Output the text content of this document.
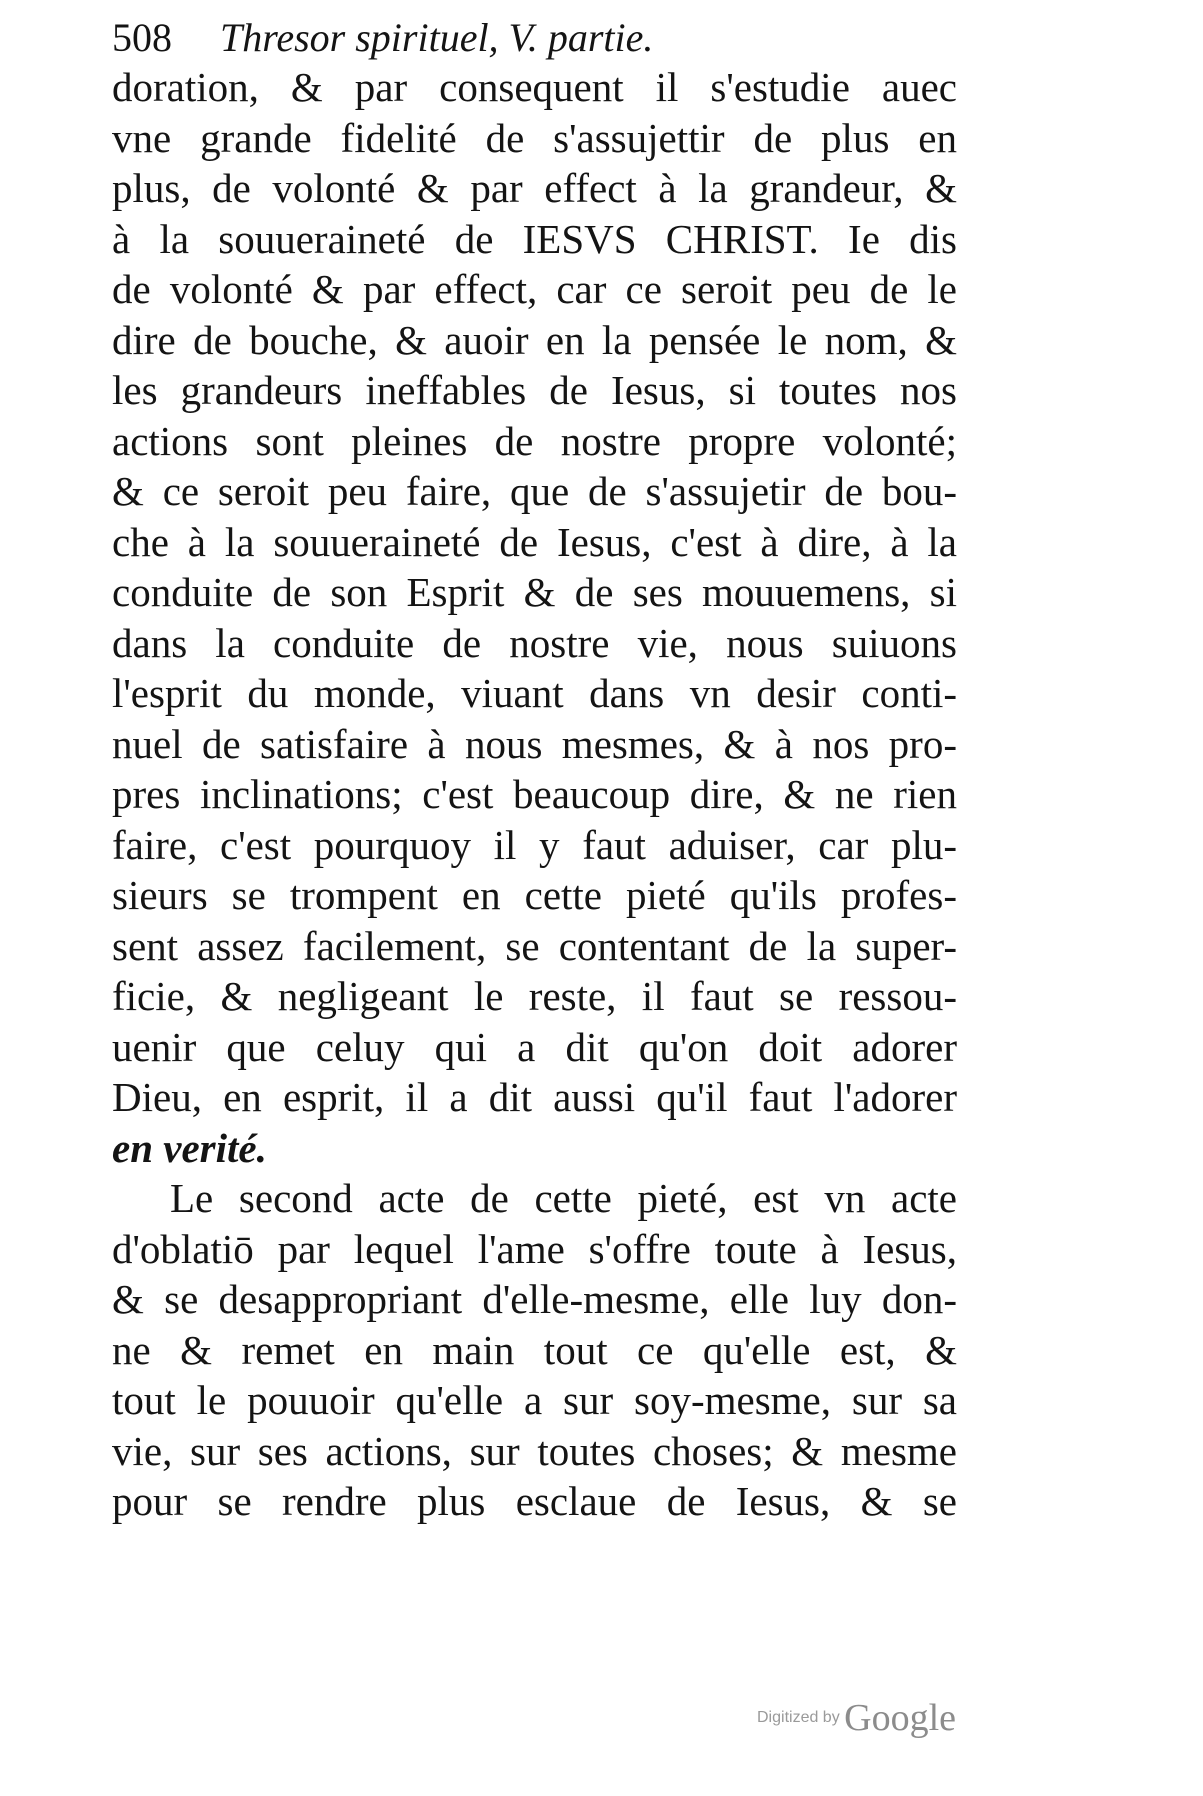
508 Thresor spirituel, V. partie.
doration, & par consequent il s'estudie auec
vne grande fidelité de s'assujettir de plus en
plus, de volonté & par effect à la grandeur, &
à la souueraineté de IESVS CHRIST. Ie dis
de volonté & par effect, car ce seroit peu de le
dire de bouche, & auoir en la pensée le nom, &
les grandeurs ineffables de Iesus, si toutes nos
actions sont pleines de nostre propre volonté;
& ce seroit peu faire, que de s'assujetir de bou-
che à la souueraineté de Iesus, c'est à dire, à la
conduite de son Esprit & de ses mouuemens, si
dans la conduite de nostre vie, nous suiuons
l'esprit du monde, viuant dans vn desir conti-
nuel de satisfaire à nous mesmes, & à nos pro-
pres inclinations; c'est beaucoup dire, & ne rien
faire, c'est pourquoy il y faut aduiser, car plu-
sieurs se trompent en cette pieté qu'ils profes-
sent assez facilement, se contentant de la super-
ficie, & negligeant le reste, il faut se ressou-
uenir que celuy qui a dit qu'on doit adorer
Dieu, en esprit, il a dit aussi qu'il faut l'adorer
en verité.
Le second acte de cette pieté, est vn acte
d'oblatiō par lequel l'ame s'offre toute à Iesus,
& se desappropriant d'elle-mesme, elle luy don-
ne & remet en main tout ce qu'elle est, &
tout le pouuoir qu'elle a sur soy-mesme, sur sa
vie, sur ses actions, sur toutes choses; & mesme
pour se rendre plus esclaue de Iesus, & se
Digitized by Google
